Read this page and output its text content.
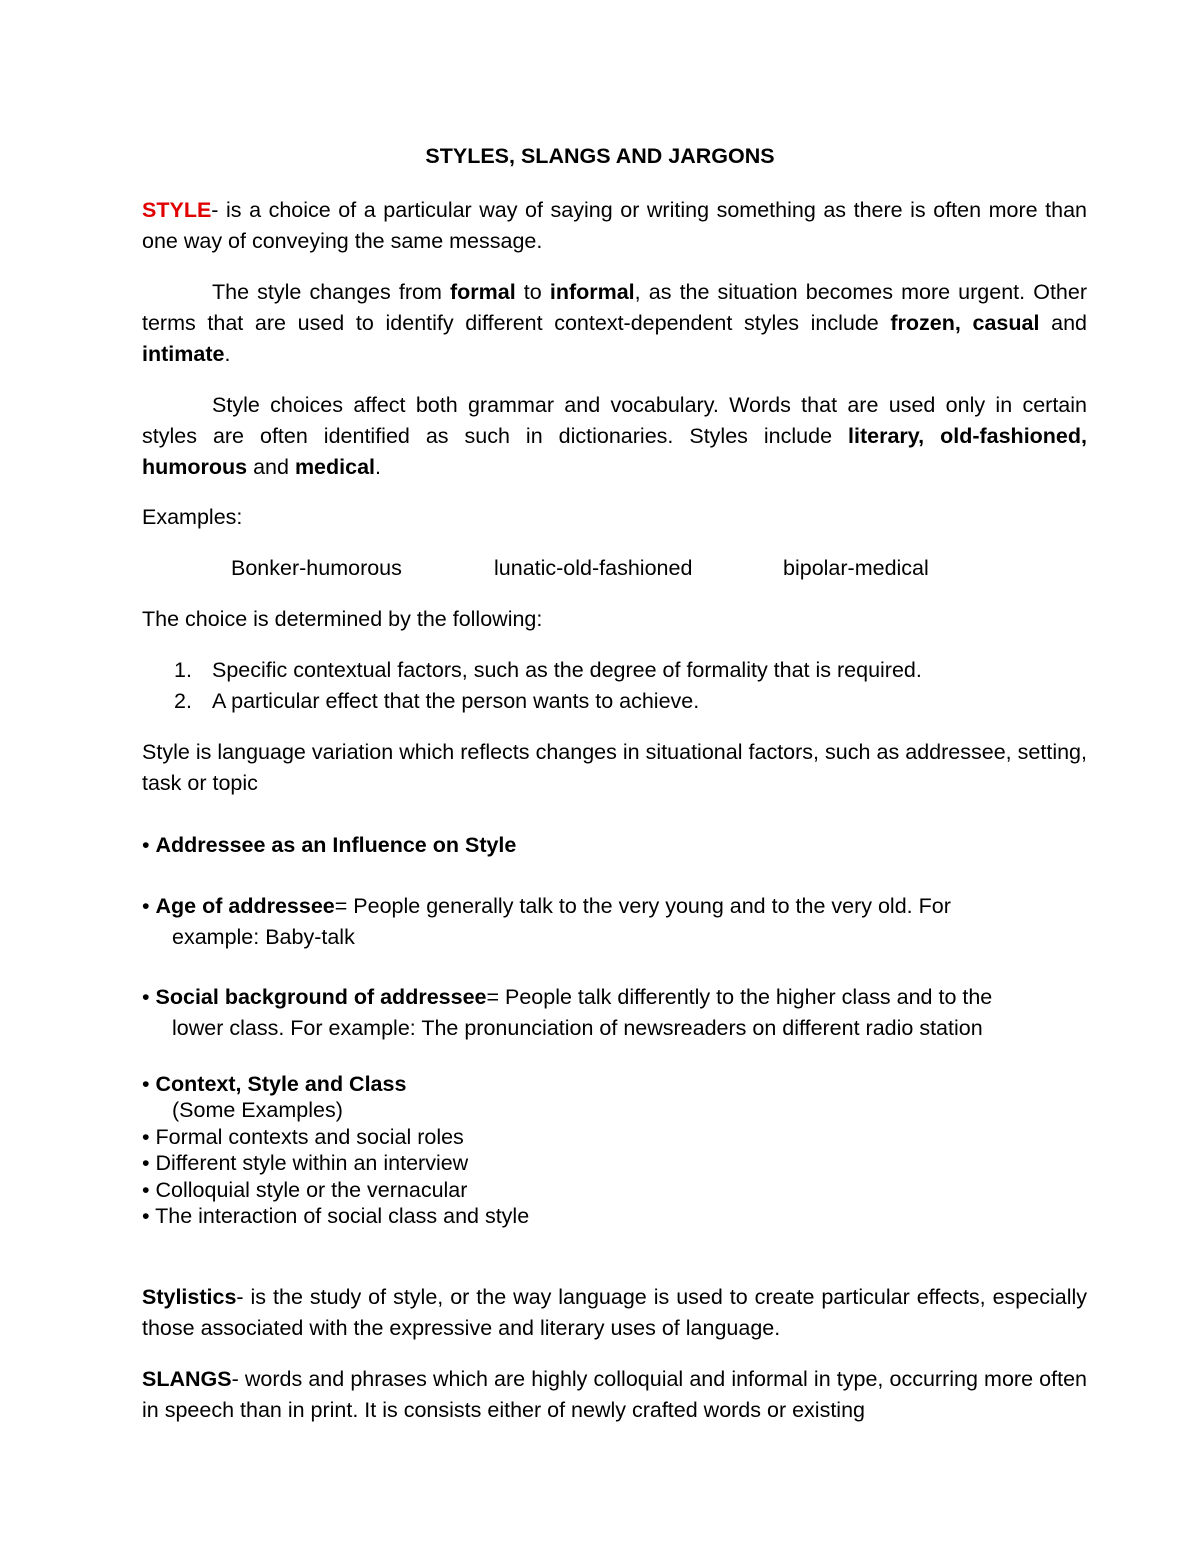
STYLES, SLANGS AND JARGONS
STYLE- is a choice of a particular way of saying or writing something as there is often more than one way of conveying the same message.
The style changes from formal to informal, as the situation becomes more urgent. Other terms that are used to identify different context-dependent styles include frozen, casual and intimate.
Style choices affect both grammar and vocabulary. Words that are used only in certain styles are often identified as such in dictionaries. Styles include literary, old-fashioned, humorous and medical.
Examples:
Bonker-humorous	lunatic-old-fashioned	bipolar-medical
The choice is determined by the following:
1. Specific contextual factors, such as the degree of formality that is required.
2. A particular effect that the person wants to achieve.
Style is language variation which reflects changes in situational factors, such as addressee, setting, task or topic
• Addressee as an Influence on Style
• Age of addressee= People generally talk to the very young and to the very old. For
example: Baby-talk
• Social background of addressee= People talk differently to the higher class and to the
lower class. For example: The pronunciation of newsreaders on different radio station
• Context, Style and Class
(Some Examples)
• Formal contexts and social roles
• Different style within an interview
• Colloquial style or the vernacular
• The interaction of social class and style
Stylistics- is the study of style, or the way language is used to create particular effects, especially those associated with the expressive and literary uses of language.
SLANGS- words and phrases which are highly colloquial and informal in type, occurring more often in speech than in print. It is consists either of newly crafted words or existing
